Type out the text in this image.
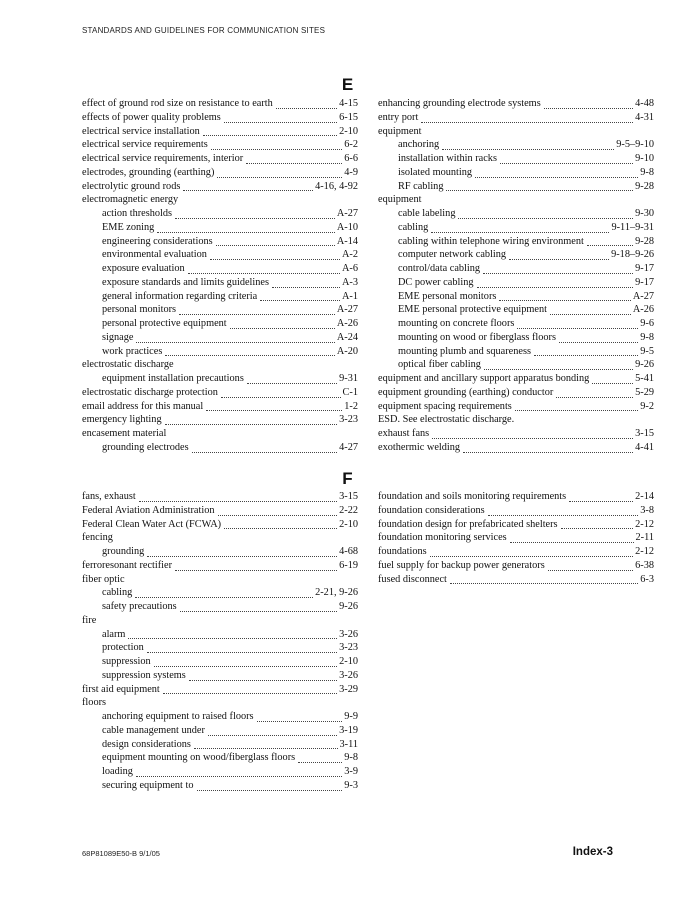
STANDARDS AND GUIDELINES FOR COMMUNICATION SITES
E
effect of ground rod size on resistance to earth	4-15
effects of power quality problems	6-15
electrical service installation	2-10
electrical service requirements	6-2
electrical service requirements, interior	6-6
electrodes, grounding (earthing)	4-9
electrolytic ground rods	4-16, 4-92
electromagnetic energy
action thresholds	A-27
EME zoning	A-10
engineering considerations	A-14
environmental evaluation	A-2
exposure evaluation	A-6
exposure standards and limits guidelines	A-3
general information regarding criteria	A-1
personal monitors	A-27
personal protective equipment	A-26
signage	A-24
work practices	A-20
electrostatic discharge
equipment installation precautions	9-31
electrostatic discharge protection	C-1
email address for this manual	1-2
emergency lighting	3-23
encasement material
grounding electrodes	4-27
enhancing grounding electrode systems	4-48
entry port	4-31
equipment
anchoring	9-5–9-10
installation within racks	9-10
isolated mounting	9-8
RF cabling	9-28
equipment
cable labeling	9-30
cabling	9-11–9-31
cabling within telephone wiring environment	9-28
computer network cabling	9-18–9-26
control/data cabling	9-17
DC power cabling	9-17
EME personal monitors	A-27
EME personal protective equipment	A-26
mounting on concrete floors	9-6
mounting on wood or fiberglass floors	9-8
mounting plumb and squareness	9-5
optical fiber cabling	9-26
equipment and ancillary support apparatus bonding	5-41
equipment grounding (earthing) conductor	5-29
equipment spacing requirements	9-2
ESD. See electrostatic discharge.
exhaust fans	3-15
exothermic welding	4-41
F
fans, exhaust	3-15
Federal Aviation Administration	2-22
Federal Clean Water Act (FCWA)	2-10
fencing
grounding	4-68
ferroresonant rectifier	6-19
fiber optic
cabling	2-21, 9-26
safety precautions	9-26
fire
alarm	3-26
protection	3-23
suppression	2-10
suppression systems	3-26
first aid equipment	3-29
floors
anchoring equipment to raised floors	9-9
cable management under	3-19
design considerations	3-11
equipment mounting on wood/fiberglass floors	9-8
loading	3-9
securing equipment to	9-3
foundation and soils monitoring requirements	2-14
foundation considerations	3-8
foundation design for prefabricated shelters	2-12
foundation monitoring services	2-11
foundations	2-12
fuel supply for backup power generators	6-38
fused disconnect	6-3
68P81089E50-B 9/1/05	Index-3
